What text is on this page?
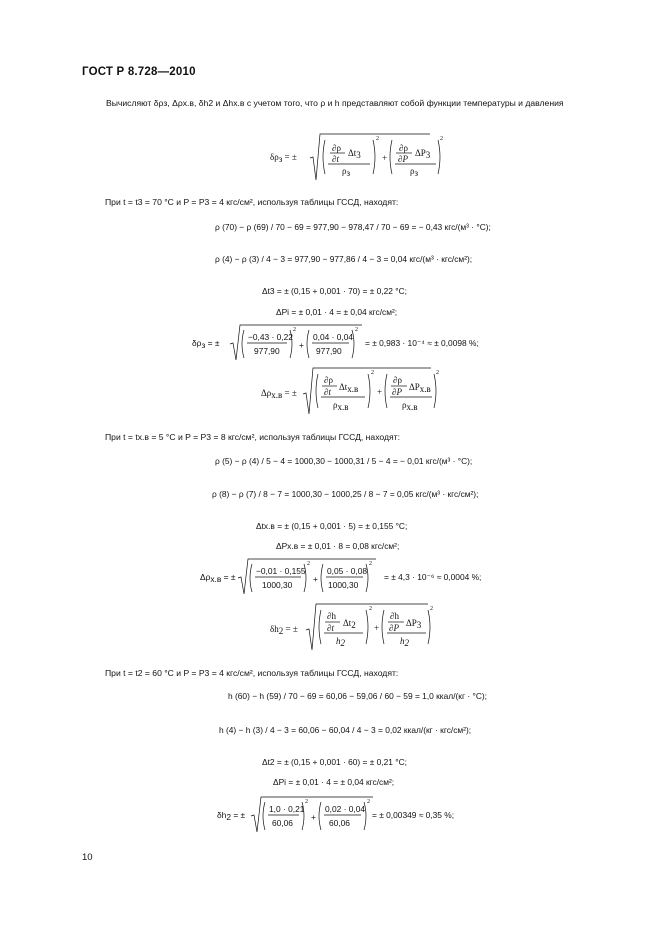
ГОСТ Р 8.728—2010
Вычисляют δρз, Δρх.в, δh2 и Δhх.в с учетом того, что ρ и h представляют собой функции температуры и давления
δρз = ±
∂ρ
∂t
Δt3
ρз
2
+
∂ρ
∂P
ΔP3
ρз
2
При t = t3 = 70 °С и P = P3 = 4 кгс/см², используя таблицы ГССД, находят:
ρ (70) − ρ (69) / 70 − 69 = 977,90 − 978,47 / 70 − 69 = − 0,43 кгс/(м³ · °C);
ρ (4) − ρ (3) / 4 − 3 = 977,90 − 977,86 / 4 − 3 = 0,04 кгс/(м³ · кгс/см²);
Δt3 = ± (0,15 + 0,001 · 70) = ± 0,22 °С;
ΔPi = ± 0,01 · 4 = ± 0,04 кгс/см²;
δρз = ±
−0,43 · 0,22
977,90
2
+
0,04 · 0,04
977,90
2
= ± 0,983 · 10⁻⁴ ≈ ± 0,0098 %;
Δρх.в = ±
∂ρ
∂t Δtх.в
ρх.в
2
+
∂ρ
∂P ΔPх.в
ρх.в
2
При t = tх.в = 5 °С и P = P3 = 8 кгс/см², используя таблицы ГССД, находят:
ρ (5) − ρ (4) / 5 − 4 = 1000,30 − 1000,31 / 5 − 4 = − 0,01 кгс/(м³ · °C);
ρ (8) − ρ (7) / 8 − 7 = 1000,30 − 1000,25 / 8 − 7 = 0,05 кгс/(м³ · кгс/см²);
Δtх.в = ± (0,15 + 0,001 · 5) = ± 0,155 °С;
ΔPх.в = ± 0,01 · 8 = 0,08 кгс/см²;
Δρх.в = ±
−0,01 · 0,155
1000,30
2
+
0,05 · 0,08
1000,30
2
= ± 4,3 · 10⁻⁶ ≈ 0,0004 %;
δh2 = ±
∂h
∂t Δt2
h2
2
+
∂h
∂P ΔP3
h2
2
При t = t2 = 60 °С и P = P3 = 4 кгс/см², используя таблицы ГССД, находят:
h (60) − h (59) / 70 − 69 = 60,06 − 59,06 / 60 − 59 = 1,0 ккал/(кг · °С);
h (4) − h (3) / 4 − 3 = 60,06 − 60,04 / 4 − 3 = 0,02 ккал/(кг · кгс/см²);
Δt2 = ± (0,15 + 0,001 · 60) = ± 0,21 °С;
ΔPi = ± 0,01 · 4 = ± 0,04 кгс/см²;
δh2 = ±
1,0 · 0,21
60,06
2
+
0,02 · 0,04
60,06
2
= ± 0,00349 ≈ 0,35 %;
10
